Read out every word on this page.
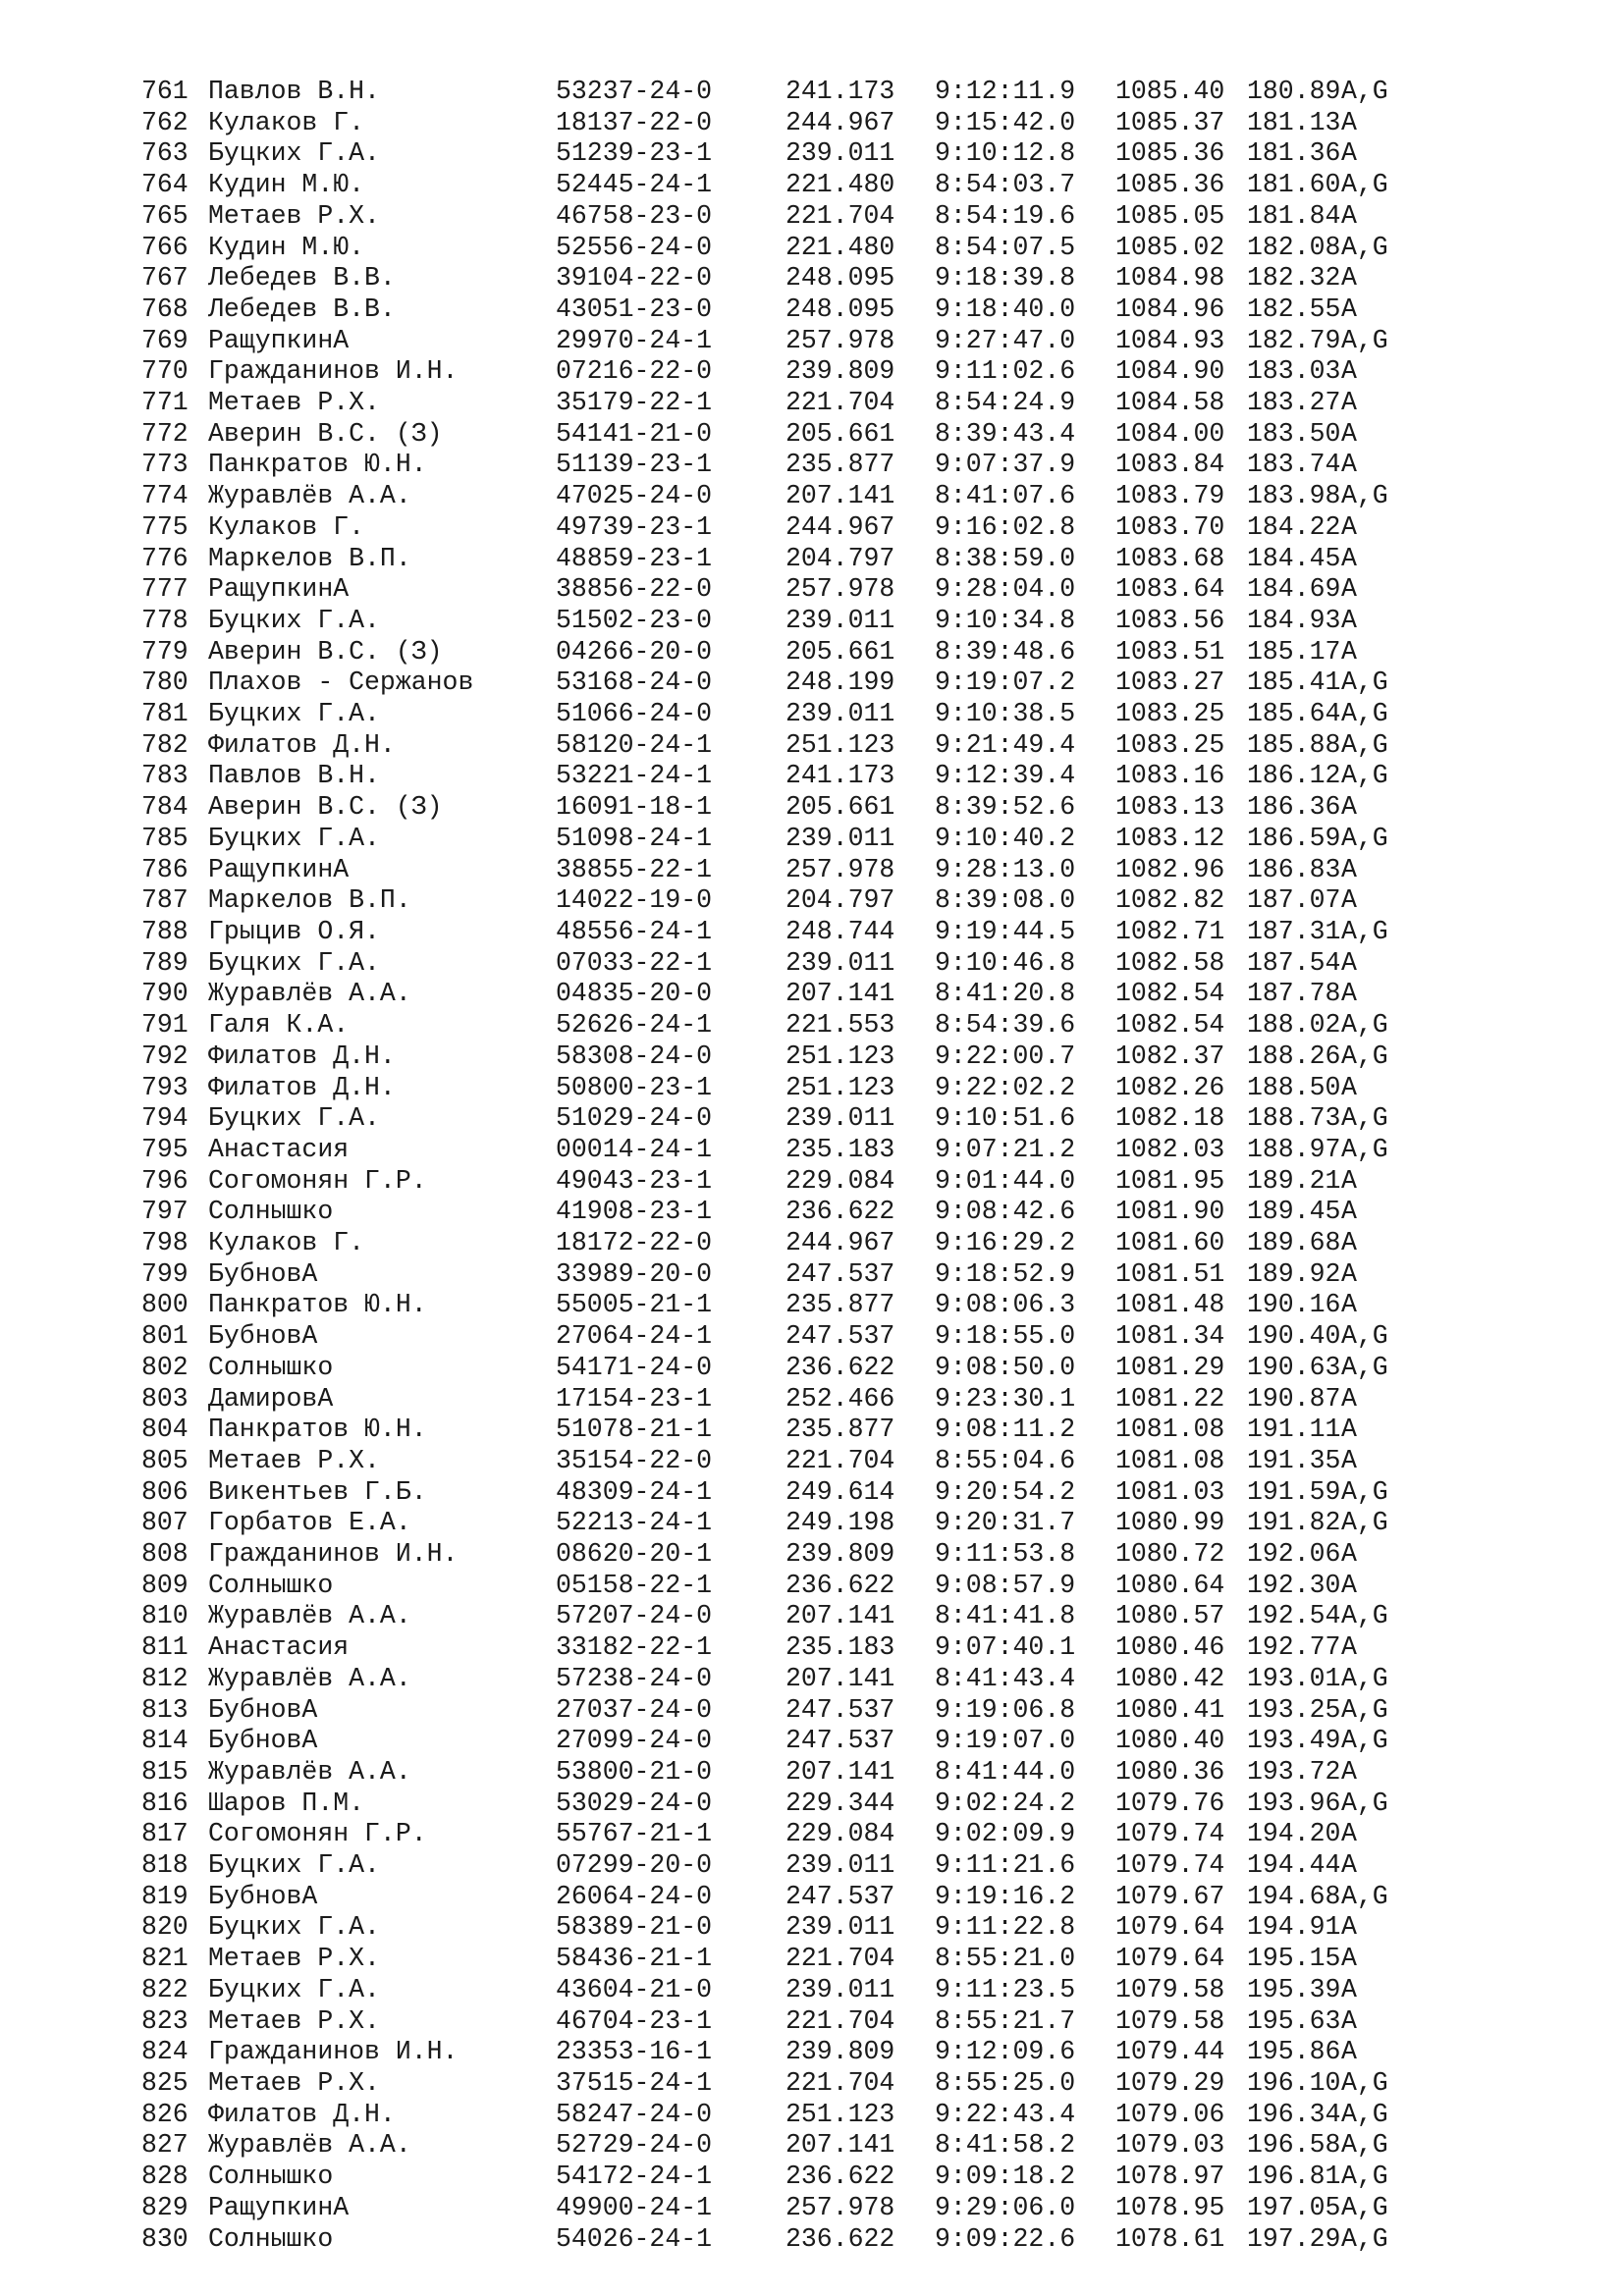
761	Павлов В.Н.	53237-24-0	241.173	9:12:11.9	1085.40	180.89	A,G
762	Кулаков Г.	18137-22-0	244.967	9:15:42.0	1085.37	181.13	A
763	Буцких Г.А.	51239-23-1	239.011	9:10:12.8	1085.36	181.36	A
764	Кудин М.Ю.	52445-24-1	221.480	8:54:03.7	1085.36	181.60	A,G
765	Метаев Р.Х.	46758-23-0	221.704	8:54:19.6	1085.05	181.84	A
766	Кудин М.Ю.	52556-24-0	221.480	8:54:07.5	1085.02	182.08	A,G
767	Лебедев В.В.	39104-22-0	248.095	9:18:39.8	1084.98	182.32	A
768	Лебедев В.В.	43051-23-0	248.095	9:18:40.0	1084.96	182.55	A
769	РащупкинА	29970-24-1	257.978	9:27:47.0	1084.93	182.79	A,G
770	Гражданинов И.Н.	07216-22-0	239.809	9:11:02.6	1084.90	183.03	A
771	Метаев Р.Х.	35179-22-1	221.704	8:54:24.9	1084.58	183.27	A
772	Аверин В.С. (З)	54141-21-0	205.661	8:39:43.4	1084.00	183.50	A
773	Панкратов Ю.Н.	51139-23-1	235.877	9:07:37.9	1083.84	183.74	A
774	Журавлёв А.А.	47025-24-0	207.141	8:41:07.6	1083.79	183.98	A,G
775	Кулаков Г.	49739-23-1	244.967	9:16:02.8	1083.70	184.22	A
776	Маркелов В.П.	48859-23-1	204.797	8:38:59.0	1083.68	184.45	A
777	РащупкинА	38856-22-0	257.978	9:28:04.0	1083.64	184.69	A
778	Буцких Г.А.	51502-23-0	239.011	9:10:34.8	1083.56	184.93	A
779	Аверин В.С. (З)	04266-20-0	205.661	8:39:48.6	1083.51	185.17	A
780	Плахов - Сержанов	53168-24-0	248.199	9:19:07.2	1083.27	185.41	A,G
781	Буцких Г.А.	51066-24-0	239.011	9:10:38.5	1083.25	185.64	A,G
782	Филатов Д.Н.	58120-24-1	251.123	9:21:49.4	1083.25	185.88	A,G
783	Павлов В.Н.	53221-24-1	241.173	9:12:39.4	1083.16	186.12	A,G
784	Аверин В.С. (З)	16091-18-1	205.661	8:39:52.6	1083.13	186.36	A
785	Буцких Г.А.	51098-24-1	239.011	9:10:40.2	1083.12	186.59	A,G
786	РащупкинА	38855-22-1	257.978	9:28:13.0	1082.96	186.83	A
787	Маркелов В.П.	14022-19-0	204.797	8:39:08.0	1082.82	187.07	A
788	Грыцив О.Я.	48556-24-1	248.744	9:19:44.5	1082.71	187.31	A,G
789	Буцких Г.А.	07033-22-1	239.011	9:10:46.8	1082.58	187.54	A
790	Журавлёв А.А.	04835-20-0	207.141	8:41:20.8	1082.54	187.78	A
791	Галя К.А.	52626-24-1	221.553	8:54:39.6	1082.54	188.02	A,G
792	Филатов Д.Н.	58308-24-0	251.123	9:22:00.7	1082.37	188.26	A,G
793	Филатов Д.Н.	50800-23-1	251.123	9:22:02.2	1082.26	188.50	A
794	Буцких Г.А.	51029-24-0	239.011	9:10:51.6	1082.18	188.73	A,G
795	Анастасия	00014-24-1	235.183	9:07:21.2	1082.03	188.97	A,G
796	Согомонян Г.Р.	49043-23-1	229.084	9:01:44.0	1081.95	189.21	A
797	Солнышко	41908-23-1	236.622	9:08:42.6	1081.90	189.45	A
798	Кулаков Г.	18172-22-0	244.967	9:16:29.2	1081.60	189.68	A
799	БубновА	33989-20-0	247.537	9:18:52.9	1081.51	189.92	A
800	Панкратов Ю.Н.	55005-21-1	235.877	9:08:06.3	1081.48	190.16	A
801	БубновА	27064-24-1	247.537	9:18:55.0	1081.34	190.40	A,G
802	Солнышко	54171-24-0	236.622	9:08:50.0	1081.29	190.63	A,G
803	ДамировА	17154-23-1	252.466	9:23:30.1	1081.22	190.87	A
804	Панкратов Ю.Н.	51078-21-1	235.877	9:08:11.2	1081.08	191.11	A
805	Метаев Р.Х.	35154-22-0	221.704	8:55:04.6	1081.08	191.35	A
806	Викентьев Г.Б.	48309-24-1	249.614	9:20:54.2	1081.03	191.59	A,G
807	Горбатов Е.А.	52213-24-1	249.198	9:20:31.7	1080.99	191.82	A,G
808	Гражданинов И.Н.	08620-20-1	239.809	9:11:53.8	1080.72	192.06	A
809	Солнышко	05158-22-1	236.622	9:08:57.9	1080.64	192.30	A
810	Журавлёв А.А.	57207-24-0	207.141	8:41:41.8	1080.57	192.54	A,G
811	Анастасия	33182-22-1	235.183	9:07:40.1	1080.46	192.77	A
812	Журавлёв А.А.	57238-24-0	207.141	8:41:43.4	1080.42	193.01	A,G
813	БубновА	27037-24-0	247.537	9:19:06.8	1080.41	193.25	A,G
814	БубновА	27099-24-0	247.537	9:19:07.0	1080.40	193.49	A,G
815	Журавлёв А.А.	53800-21-0	207.141	8:41:44.0	1080.36	193.72	A
816	Шаров П.М.	53029-24-0	229.344	9:02:24.2	1079.76	193.96	A,G
817	Согомонян Г.Р.	55767-21-1	229.084	9:02:09.9	1079.74	194.20	A
818	Буцких Г.А.	07299-20-0	239.011	9:11:21.6	1079.74	194.44	A
819	БубновА	26064-24-0	247.537	9:19:16.2	1079.67	194.68	A,G
820	Буцких Г.А.	58389-21-0	239.011	9:11:22.8	1079.64	194.91	A
821	Метаев Р.Х.	58436-21-1	221.704	8:55:21.0	1079.64	195.15	A
822	Буцких Г.А.	43604-21-0	239.011	9:11:23.5	1079.58	195.39	A
823	Метаев Р.Х.	46704-23-1	221.704	8:55:21.7	1079.58	195.63	A
824	Гражданинов И.Н.	23353-16-1	239.809	9:12:09.6	1079.44	195.86	A
825	Метаев Р.Х.	37515-24-1	221.704	8:55:25.0	1079.29	196.10	A,G
826	Филатов Д.Н.	58247-24-0	251.123	9:22:43.4	1079.06	196.34	A,G
827	Журавлёв А.А.	52729-24-0	207.141	8:41:58.2	1079.03	196.58	A,G
828	Солнышко	54172-24-1	236.622	9:09:18.2	1078.97	196.81	A,G
829	РащупкинА	49900-24-1	257.978	9:29:06.0	1078.95	197.05	A,G
830	Солнышко	54026-24-1	236.622	9:09:22.6	1078.61	197.29	A,G
